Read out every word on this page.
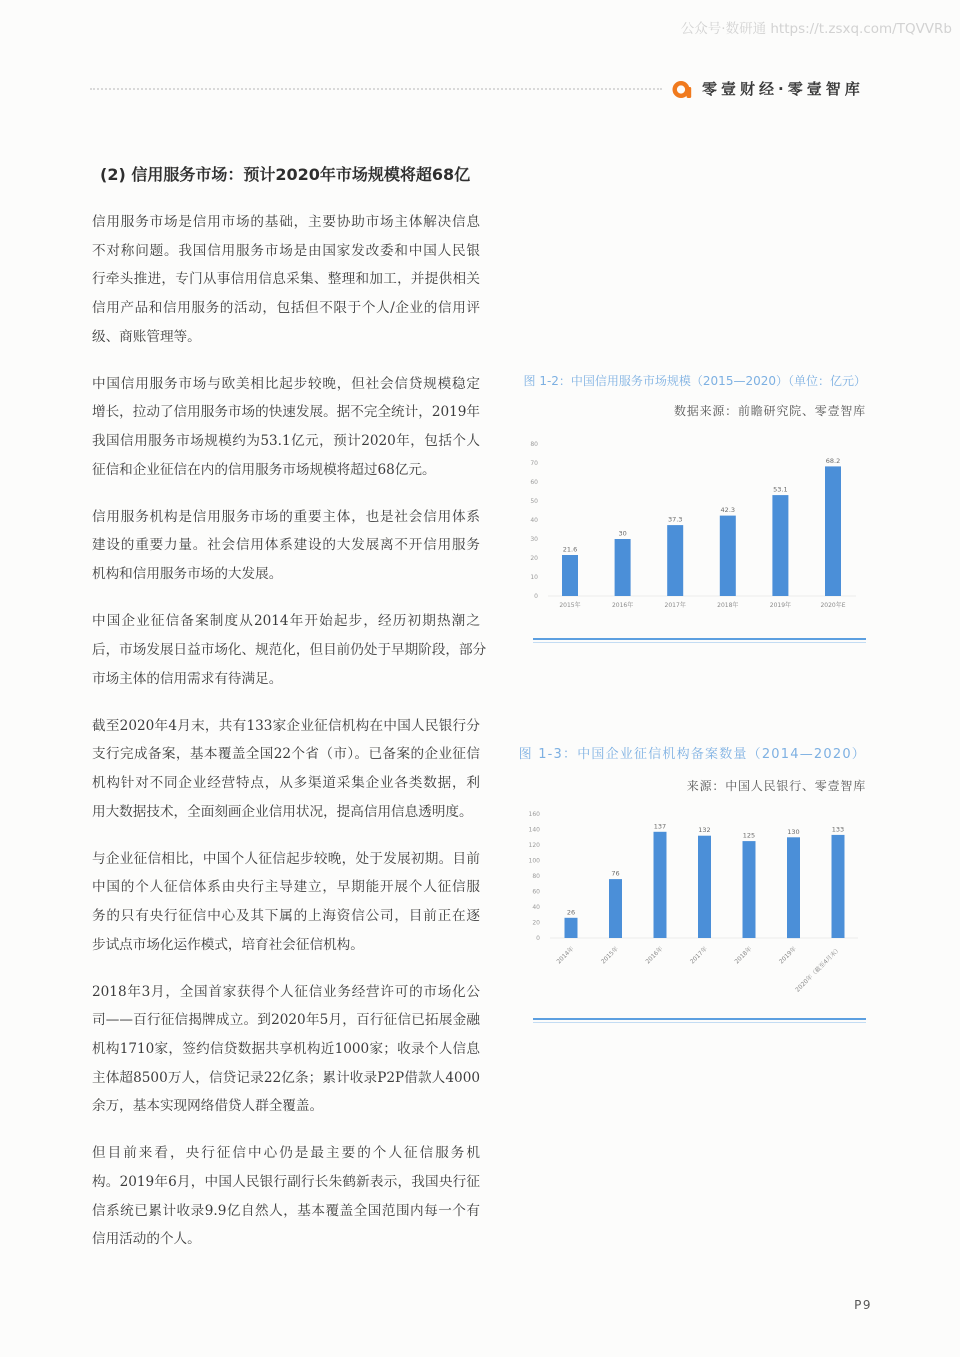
公众号·数研通 https://t.zsxq.com/TQVVRb
零壹财经·零壹智库
(2) 信用服务市场：预计2020年市场规模将超68亿
信用服务市场是信用市场的基础，主要协助市场主体解决信息
不对称问题。我国信用服务市场是由国家发改委和中国人民银
行牵头推进，专门从事信用信息采集、整理和加工，并提供相关
信用产品和信用服务的活动，包括但不限于个人/企业的信用评
级、商账管理等。
中国信用服务市场与欧美相比起步较晚，但社会信贷规模稳定
增长，拉动了信用服务市场的快速发展。据不完全统计，2019年
我国信用服务市场规模约为53.1亿元，预计2020年，包括个人
征信和企业征信在内的信用服务市场规模将超过68亿元。
信用服务机构是信用服务市场的重要主体，也是社会信用体系
建设的重要力量。社会信用体系建设的大发展离不开信用服务
机构和信用服务市场的大发展。
中国企业征信备案制度从2014年开始起步，经历初期热潮之
后，市场发展日益市场化、规范化，但目前仍处于早期阶段，部分
市场主体的信用需求有待满足。
截至2020年4月末，共有133家企业征信机构在中国人民银行分
支行完成备案，基本覆盖全国22个省（市）。已备案的企业征信
机构针对不同企业经营特点，从多渠道采集企业各类数据，利
用大数据技术，全面刻画企业信用状况，提高信用信息透明度。
与企业征信相比，中国个人征信起步较晚，处于发展初期。目前
中国的个人征信体系由央行主导建立，早期能开展个人征信服
务的只有央行征信中心及其下属的上海资信公司，目前正在逐
步试点市场化运作模式，培育社会征信机构。
2018年3月，全国首家获得个人征信业务经营许可的市场化公
司——百行征信揭牌成立。到2020年5月，百行征信已拓展金融
机构1710家，签约信贷数据共享机构近1000家；收录个人信息
主体超8500万人，信贷记录22亿条；累计收录P2P借款人4000
余万，基本实现网络借贷人群全覆盖。
但目前来看，央行征信中心仍是最主要的个人征信服务机
构。2019年6月，中国人民银行副行长朱鹤新表示，我国央行征
信系统已累计收录9.9亿自然人，基本覆盖全国范围内每一个有
信用活动的个人。
图 1-2：中国信用服务市场规模（2015—2020）（单位：亿元）
数据来源：前瞻研究院、零壹智库
0
10
20
30
40
50
60
70
80
21.6
2015年
30
2016年
37.3
2017年
42.3
2018年
53.1
2019年
68.2
2020年E
图 1-3：中国企业征信机构备案数量（2014—2020）
来源：中国人民银行、零壹智库
0
20
40
60
80
100
120
140
160
26
2014年
76
2015年
137
2016年
132
2017年
125
2018年
130
2019年
133
2020年（截至4月末）
P9
